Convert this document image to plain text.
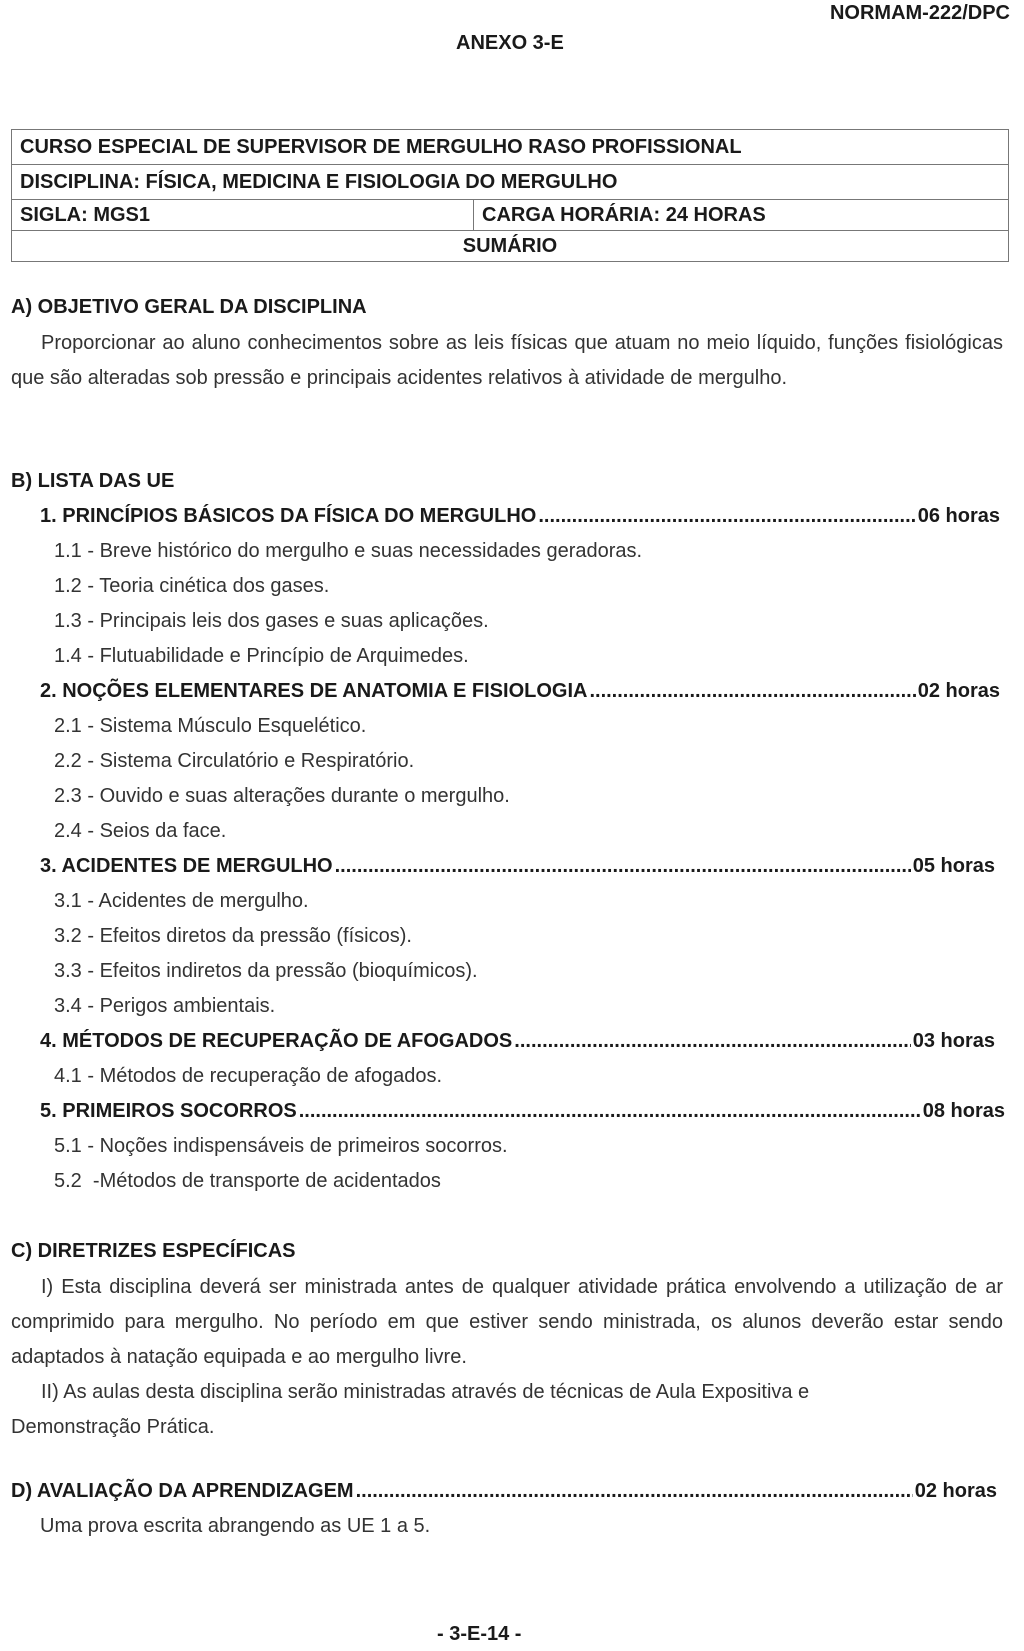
NORMAM-222/DPC
ANEXO 3-E
CURSO ESPECIAL DE SUPERVISOR DE MERGULHO RASO PROFISSIONAL
DISCIPLINA: FÍSICA, MEDICINA E FISIOLOGIA DO MERGULHO
SIGLA: MGS1	CARGA HORÁRIA: 24 HORAS
SUMÁRIO
A) OBJETIVO GERAL DA DISCIPLINA
Proporcionar ao aluno conhecimentos sobre as leis físicas que atuam no meio líquido, funções fisiológicas que são alteradas sob pressão e principais acidentes relativos à atividade de mergulho.
B) LISTA DAS UE
1. PRINCÍPIOS BÁSICOS DA FÍSICA DO MERGULHO .....	06 horas
1.1 - Breve histórico do mergulho e suas necessidades geradoras.
1.2 - Teoria cinética dos gases.
1.3 - Principais leis dos gases e suas aplicações.
1.4 - Flutuabilidade e Princípio de Arquimedes.
2. NOÇÕES ELEMENTARES DE ANATOMIA E FISIOLOGIA .....	02 horas
2.1 - Sistema Músculo Esquelético.
2.2 - Sistema Circulatório e Respiratório.
2.3 - Ouvido e suas alterações durante o mergulho.
2.4 - Seios da face.
3. ACIDENTES DE MERGULHO .....	05 horas
3.1 - Acidentes de mergulho.
3.2 - Efeitos diretos da pressão (físicos).
3.3 - Efeitos indiretos da pressão (bioquímicos).
3.4 - Perigos ambientais.
4. MÉTODOS DE RECUPERAÇÃO DE AFOGADOS .....	03 horas
4.1 - Métodos de recuperação de afogados.
5. PRIMEIROS SOCORROS .....	08 horas
5.1 - Noções indispensáveis de primeiros socorros.
5.2  -Métodos de transporte de acidentados
C) DIRETRIZES ESPECÍFICAS
I) Esta disciplina deverá ser ministrada antes de qualquer atividade prática envolvendo a utilização de ar comprimido para mergulho. No período em que estiver sendo ministrada, os alunos deverão estar sendo adaptados à natação equipada e ao mergulho livre.
II) As aulas desta disciplina serão ministradas através de técnicas de Aula Expositiva e Demonstração Prática.
D) AVALIAÇÃO DA APRENDIZAGEM .....	02 horas
Uma prova escrita abrangendo as UE 1 a 5.
- 3-E-14 -
